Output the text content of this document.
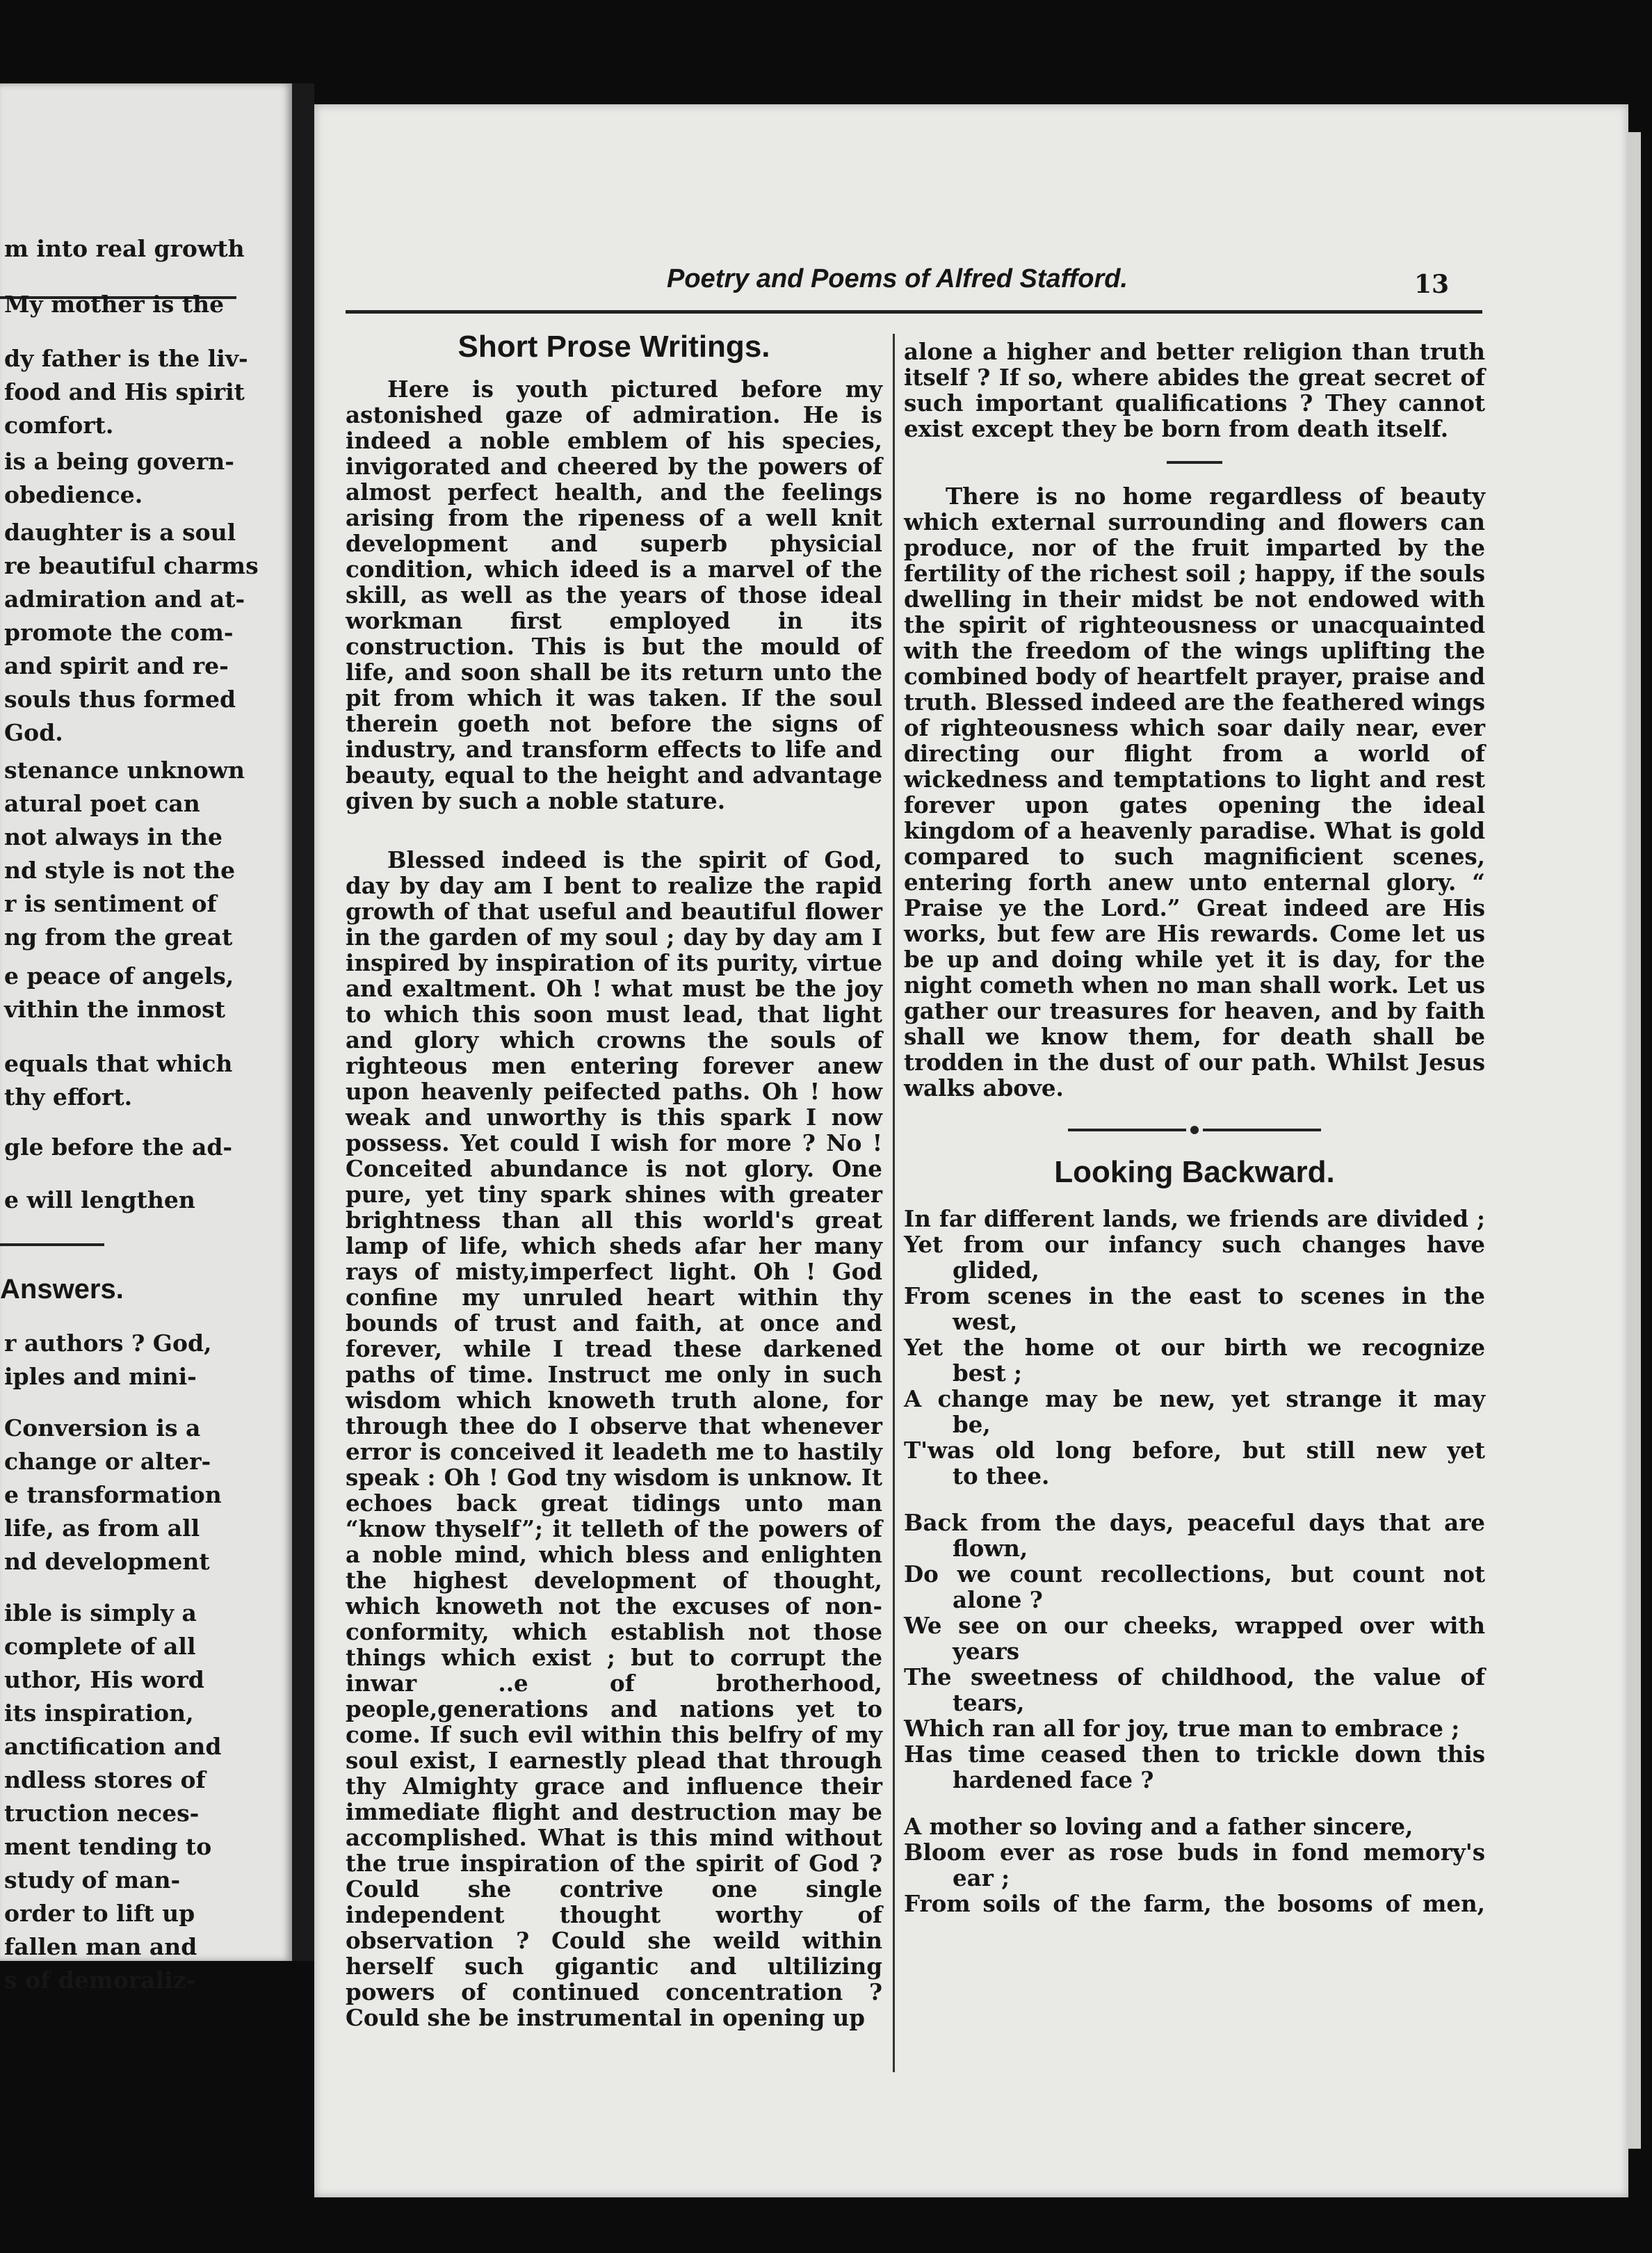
m into real growth
My mother is the
dy father is the liv-
food and His spirit
comfort.
is a being govern-
obedience.
daughter is a soul
re beautiful charms
admiration and at-
promote the com-
and spirit and re-
souls thus formed
God.
stenance unknown
atural poet can
not always in the
nd style is not the
r is sentiment of
ng from the great
e peace of angels,
vithin the inmost
equals that which
thy effort.
gle before the ad-
e will lengthen
Answers.
r authors ? God,
iples and mini-
Conversion is a
change or alter-
e transformation
life, as from all
nd development
ible is simply a
complete of all
uthor, His word
its inspiration,
anctification and
ndless stores of
truction neces-
ment tending to
study of man-
order to lift up
fallen man and
s of demoraliz-
Poetry and Poems of Alfred Stafford.	13
Short Prose Writings.

Here is youth pictured before my astonished gaze of admiration. He is indeed a noble emblem of his species, invigorated and cheered by the powers of almost perfect health, and the feelings arising from the ripeness of a well knit development and superb physicial condition, which ideed is a marvel of the skill, as well as the years of those ideal workman first employed in its construction. This is but the mould of life, and soon shall be its return unto the pit from which it was taken. If the soul therein goeth not before the signs of industry, and transform effects to life and beauty, equal to the height and advantage given by such a noble stature.

Blessed indeed is the spirit of God, day by day am I bent to realize the rapid growth of that useful and beautiful flower in the garden of my soul ; day by day am I inspired by inspiration of its purity, virtue and exaltment. Oh ! what must be the joy to which this soon must lead, that light and glory which crowns the souls of righteous men entering forever anew upon heavenly peifected paths. Oh ! how weak and unworthy is this spark I now possess. Yet could I wish for more ? No ! Conceited abundance is not glory. One pure, yet tiny spark shines with greater brightness than all this world's great lamp of life, which sheds afar her many rays of misty,imperfect light. Oh ! God confine my unruled heart within thy bounds of trust and faith, at once and forever, while I tread these darkened paths of time. Instruct me only in such wisdom which knoweth truth alone, for through thee do I observe that whenever error is conceived it leadeth me to hastily speak : Oh ! God tny wisdom is unknow. It echoes back great tidings unto man “know thyself”; it telleth of the powers of a noble mind, which bless and enlighten the highest development of thought, which knoweth not the excuses of non-conformity, which establish not those things which exist ; but to corrupt the inwar ..e of brotherhood, people,generations and nations yet to come. If such evil within this belfry of my soul exist, I earnestly plead that through thy Almighty grace and influence their immediate flight and destruction may be accomplished. What is this mind without the true inspiration of the spirit of God ? Could she contrive one single independent thought worthy of observation ? Could she weild within herself such gigantic and ultilizing powers of continued concentration ? Could she be instrumental in opening up

alone a higher and better religion than truth itself ? If so, where abides the great secret of such important qualifications ? They cannot exist except they be born from death itself.

There is no home regardless of beauty which external surrounding and flowers can produce, nor of the fruit imparted by the fertility of the richest soil ; happy, if the souls dwelling in their midst be not endowed with the spirit of righteousness or unacquainted with the freedom of the wings uplifting the combined body of heartfelt prayer, praise and truth. Blessed indeed are the feathered wings of righteousness which soar daily near, ever directing our flight from a world of wickedness and temptations to light and rest forever upon gates opening the ideal kingdom of a heavenly paradise. What is gold compared to such magnificient scenes, entering forth anew unto enternal glory. “ Praise ye the Lord.” Great indeed are His works, but few are His rewards. Come let us be up and doing while yet it is day, for the night cometh when no man shall work. Let us gather our treasures for heaven, and by faith shall we know them, for death shall be trodden in the dust of our path. Whilst Jesus walks above.

Looking Backward.

In far different lands, we friends are divided ;

Yet from our infancy such changes have

glided,

From scenes in the east to scenes in the

west,

Yet the home ot our birth we recognize

best ;

A change may be new, yet strange it may

be,

T'was old long before, but still new yet

to thee.

Back from the days, peaceful days that are

flown,

Do we count recollections, but count not

alone ?

We see on our cheeks, wrapped over with

years

The sweetness of childhood, the value of

tears,

Which ran all for joy, true man to embrace ;

Has time ceased then to trickle down this

hardened face ?

A mother so loving and a father sincere,

Bloom ever as rose buds in fond memory's

ear ;

From soils of the farm, the bosoms of men,
